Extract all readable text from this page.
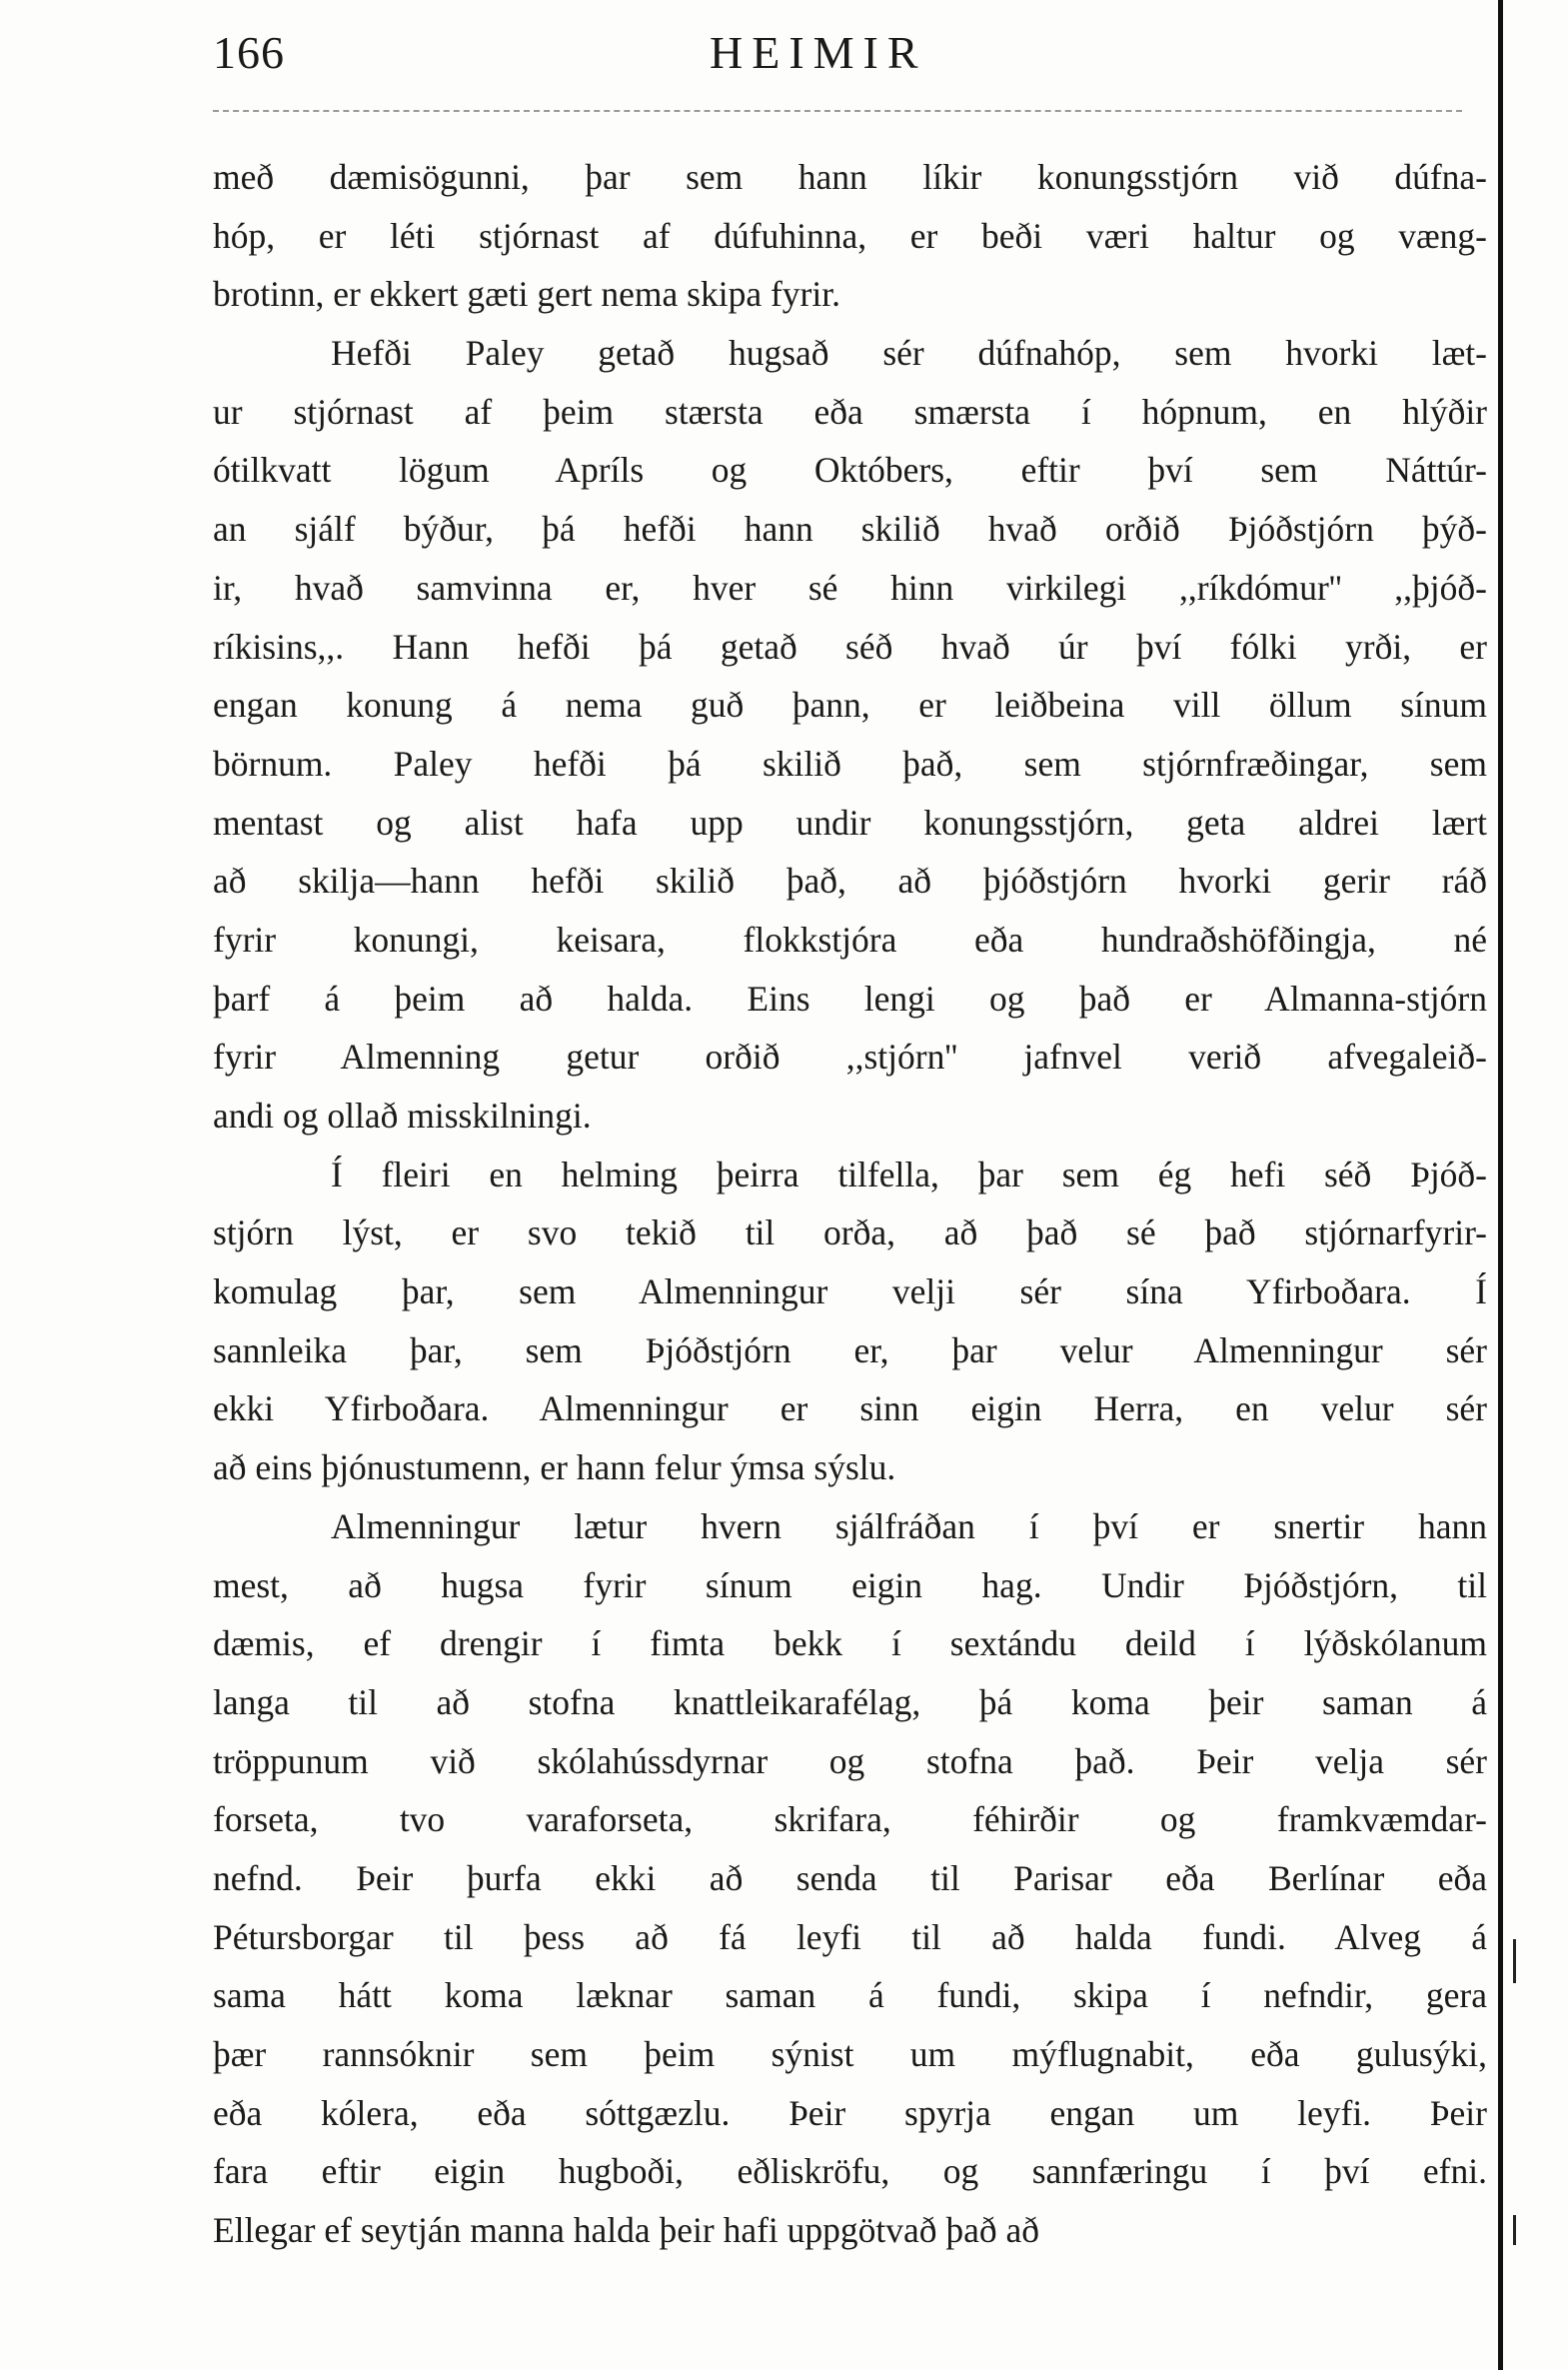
166	HEIMIR
með dæmisögunni, þar sem hann líkir konungsstjórn við dúfna-
hóp, er léti stjórnast af dúfuhinna, er beði væri haltur og væng-
brotinn, er ekkert gæti gert nema skipa fyrir.
Hefði Paley getað hugsað sér dúfnahóp, sem hvorki læt-
ur stjórnast af þeim stærsta eða smærsta í hópnum, en hlýðir
ótilkvatt lögum Apríls og Októbers, eftir því sem Náttúr-
an sjálf býður, þá hefði hann skilið hvað orðið Þjóðstjórn þýð-
ir, hvað samvinna er, hver sé hinn virkilegi ,,ríkdómur'' ,,þjóð-
ríkisins,,. Hann hefði þá getað séð hvað úr því fólki yrði, er
engan konung á nema guð þann, er leiðbeina vill öllum sínum
börnum. Paley hefði þá skilið það, sem stjórnfræðingar, sem
mentast og alist hafa upp undir konungsstjórn, geta aldrei lært
að skilja—hann hefði skilið það, að þjóðstjórn hvorki gerir ráð
fyrir konungi, keisara, flokkstjóra eða hundraðshöfðingja, né
þarf á þeim að halda. Eins lengi og það er Almanna-stjórn
fyrir Almenning getur orðið ,,stjórn'' jafnvel verið afvegaleið-
andi og ollað misskilningi.
Í fleiri en helming þeirra tilfella, þar sem ég hefi séð Þjóð-
stjórn lýst, er svo tekið til orða, að það sé það stjórnarfyrir-
komulag þar, sem Almenningur velji sér sína Yfirboðara. Í
sannleika þar, sem Þjóðstjórn er, þar velur Almenningur sér
ekki Yfirboðara. Almenningur er sinn eigin Herra, en velur sér
að eins þjónustumenn, er hann felur ýmsa sýslu.
Almenningur lætur hvern sjálfráðan í því er snertir hann
mest, að hugsa fyrir sínum eigin hag. Undir Þjóðstjórn, til
dæmis, ef drengir í fimta bekk í sextándu deild í lýðskólanum
langa til að stofna knattleikarafélag, þá koma þeir saman á
tröppunum við skólahússdyrnar og stofna það. Þeir velja sér
forseta, tvo varaforseta, skrifara, féhirðir og framkvæmdar-
nefnd. Þeir þurfa ekki að senda til Parisar eða Berlínar eða
Pétursborgar til þess að fá leyfi til að halda fundi. Alveg á
sama hátt koma læknar saman á fundi, skipa í nefndir, gera
þær rannsóknir sem þeim sýnist um mýflugnabit, eða gulusýki,
eða kólera, eða sóttgæzlu. Þeir spyrja engan um leyfi. Þeir
fara eftir eigin hugboði, eðliskröfu, og sannfæringu í því efni.
Ellegar ef seytján manna halda þeir hafi uppgötvað það að
